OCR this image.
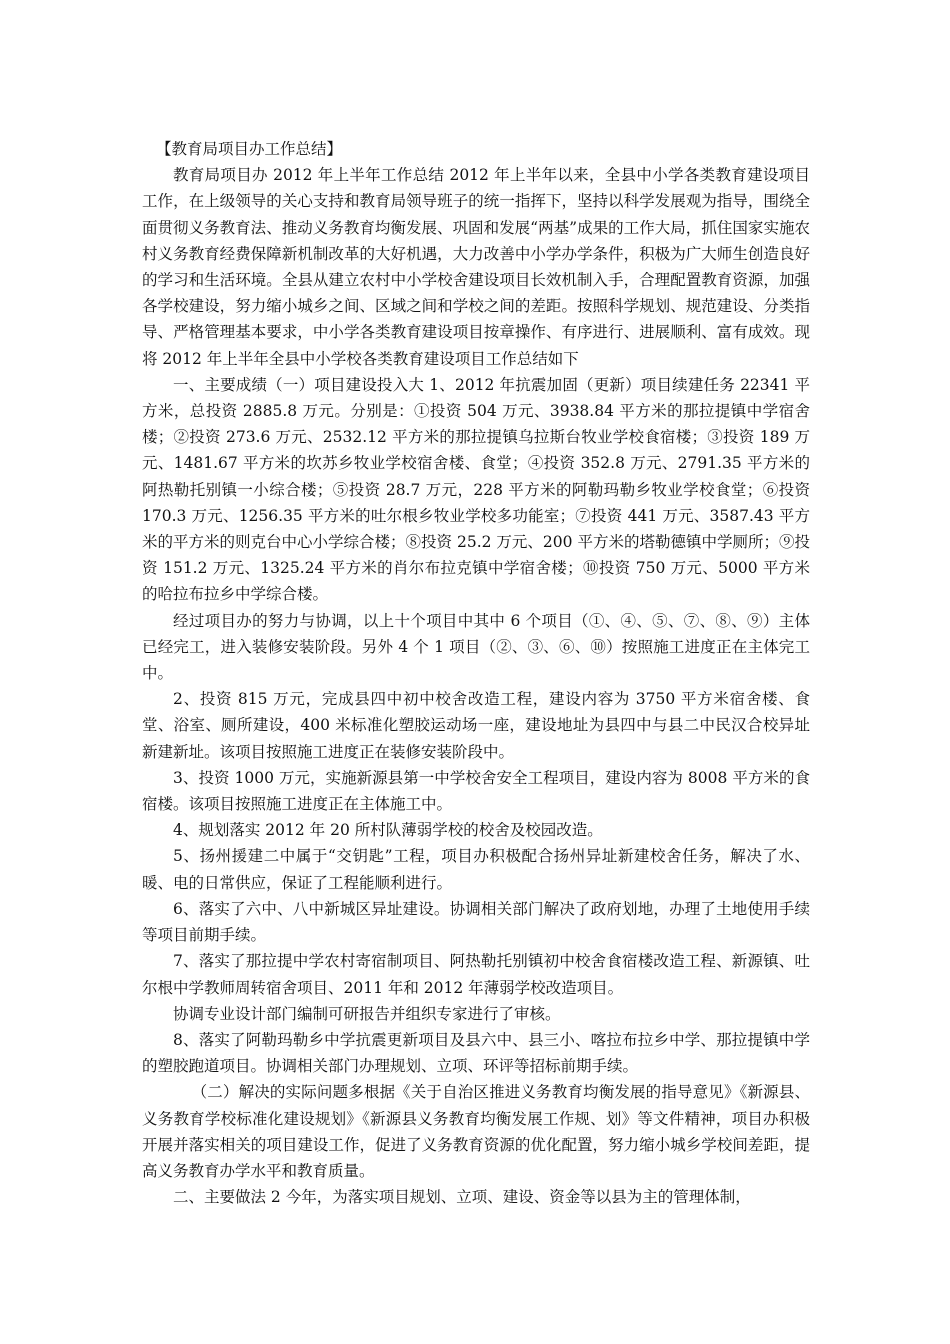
【教育局项目办工作总结】

教育局项目办 2012 年上半年工作总结 2012 年上半年以来，全县中小学各类教育建设项目工作，在上级领导的关心支持和教育局领导班子的统一指挥下，坚持以科学发展观为指导，围绕全面贯彻义务教育法、推动义务教育均衡发展、巩固和发展“两基”成果的工作大局，抓住国家实施农村义务教育经费保障新机制改革的大好机遇，大力改善中小学办学条件，积极为广大师生创造良好的学习和生活环境。全县从建立农村中小学校舍建设项目长效机制入手，合理配置教育资源，加强各学校建设，努力缩小城乡之间、区域之间和学校之间的差距。按照科学规划、规范建设、分类指导、严格管理基本要求，中小学各类教育建设项目按章操作、有序进行、进展顺利、富有成效。现将 2012 年上半年全县中小学校各类教育建设项目工作总结如下

一、主要成绩（一）项目建设投入大 1、2012 年抗震加固（更新）项目续建任务 22341 平方米，总投资 2885.8 万元。分别是：①投资 504 万元、3938.84 平方米的那拉提镇中学宿舍楼；②投资 273.6 万元、2532.12 平方米的那拉提镇乌拉斯台牧业学校食宿楼；③投资 189 万元、1481.67 平方米的坎苏乡牧业学校宿舍楼、食堂；④投资 352.8 万元、2791.35 平方米的阿热勒托别镇一小综合楼；⑤投资 28.7 万元，228 平方米的阿勒玛勒乡牧业学校食堂；⑥投资 170.3 万元、1256.35 平方米的吐尔根乡牧业学校多功能室；⑦投资 441 万元、3587.43 平方米的平方米的则克台中心小学综合楼；⑧投资 25.2 万元、200 平方米的塔勒德镇中学厕所；⑨投资 151.2 万元、1325.24 平方米的肖尔布拉克镇中学宿舍楼；⑩投资 750 万元、5000 平方米的哈拉布拉乡中学综合楼。

经过项目办的努力与协调，以上十个项目中其中 6 个项目（①、④、⑤、⑦、⑧、⑨）主体已经完工，进入装修安装阶段。另外 4 个 1 项目（②、③、⑥、⑩）按照施工进度正在主体完工中。

2、投资 815 万元，完成县四中初中校舍改造工程，建设内容为 3750 平方米宿舍楼、食堂、浴室、厕所建设，400 米标准化塑胶运动场一座，建设地址为县四中与县二中民汉合校异址新建新址。该项目按照施工进度正在装修安装阶段中。

3、投资 1000 万元，实施新源县第一中学校舍安全工程项目，建设内容为 8008 平方米的食宿楼。该项目按照施工进度正在主体施工中。

4、规划落实 2012 年 20 所村队薄弱学校的校舍及校园改造。

5、扬州援建二中属于“交钥匙”工程，项目办积极配合扬州异址新建校舍任务，解决了水、暖、电的日常供应，保证了工程能顺利进行。

6、落实了六中、八中新城区异址建设。协调相关部门解决了政府划地，办理了土地使用手续等项目前期手续。

7、落实了那拉提中学农村寄宿制项目、阿热勒托别镇初中校舍食宿楼改造工程、新源镇、吐尔根中学教师周转宿舍项目、2011 年和 2012 年薄弱学校改造项目。

协调专业设计部门编制可研报告并组织专家进行了审核。

8、落实了阿勒玛勒乡中学抗震更新项目及县六中、县三小、喀拉布拉乡中学、那拉提镇中学的塑胶跑道项目。协调相关部门办理规划、立项、环评等招标前期手续。

（二）解决的实际问题多根据《关于自治区推进义务教育均衡发展的指导意见》《新源县、义务教育学校标准化建设规划》《新源县义务教育均衡发展工作规、划》等文件精神，项目办积极开展并落实相关的项目建设工作，促进了义务教育资源的优化配置，努力缩小城乡学校间差距，提高义务教育办学水平和教育质量。

二、主要做法 2 今年，为落实项目规划、立项、建设、资金等以县为主的管理体制，
